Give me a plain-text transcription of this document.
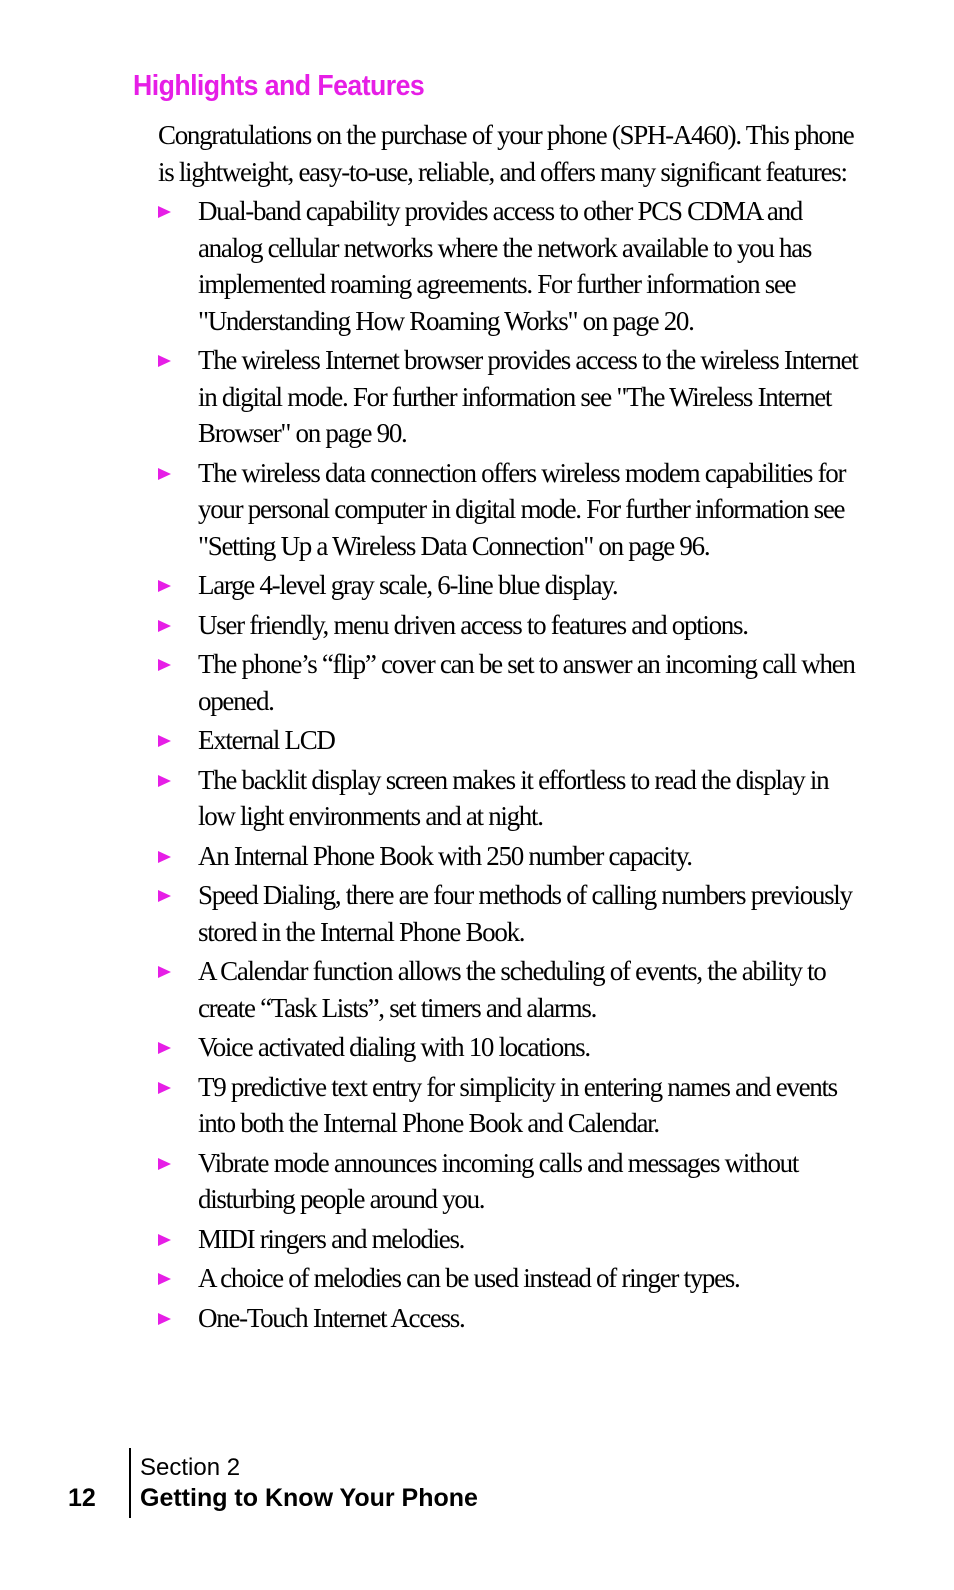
Highlights and Features

Congratulations on the purchase of your phone (SPH-A460). This phone is lightweight, easy-to-use, reliable, and offers many significant features:

Dual-band capability provides access to other PCS CDMA and analog cellular networks where the network available to you has implemented roaming agreements. For further information see "Understanding How Roaming Works" on page 20.
The wireless Internet browser provides access to the wireless Internet in digital mode. For further information see "The Wireless Internet Browser" on page 90.
The wireless data connection offers wireless modem capabilities for your personal computer in digital mode. For further information see "Setting Up a Wireless Data Connection" on page 96.
Large 4-level gray scale, 6-line blue display.
User friendly, menu driven access to features and options.
The phone’s “flip” cover can be set to answer an incoming call when opened.
External LCD
The backlit display screen makes it effortless to read the display in low light environments and at night.
An Internal Phone Book with 250 number capacity.
Speed Dialing, there are four methods of calling numbers previously stored in the Internal Phone Book.
A Calendar function allows the scheduling of events, the ability to create “Task Lists”, set timers and alarms.
Voice activated dialing with 10 locations.
T9 predictive text entry for simplicity in entering names and events into both the Internal Phone Book and Calendar.
Vibrate mode announces incoming calls and messages without disturbing people around you.
MIDI ringers and melodies.
A choice of melodies can be used instead of ringer types.
One-Touch Internet Access.
12
Section 2
Getting to Know Your Phone
